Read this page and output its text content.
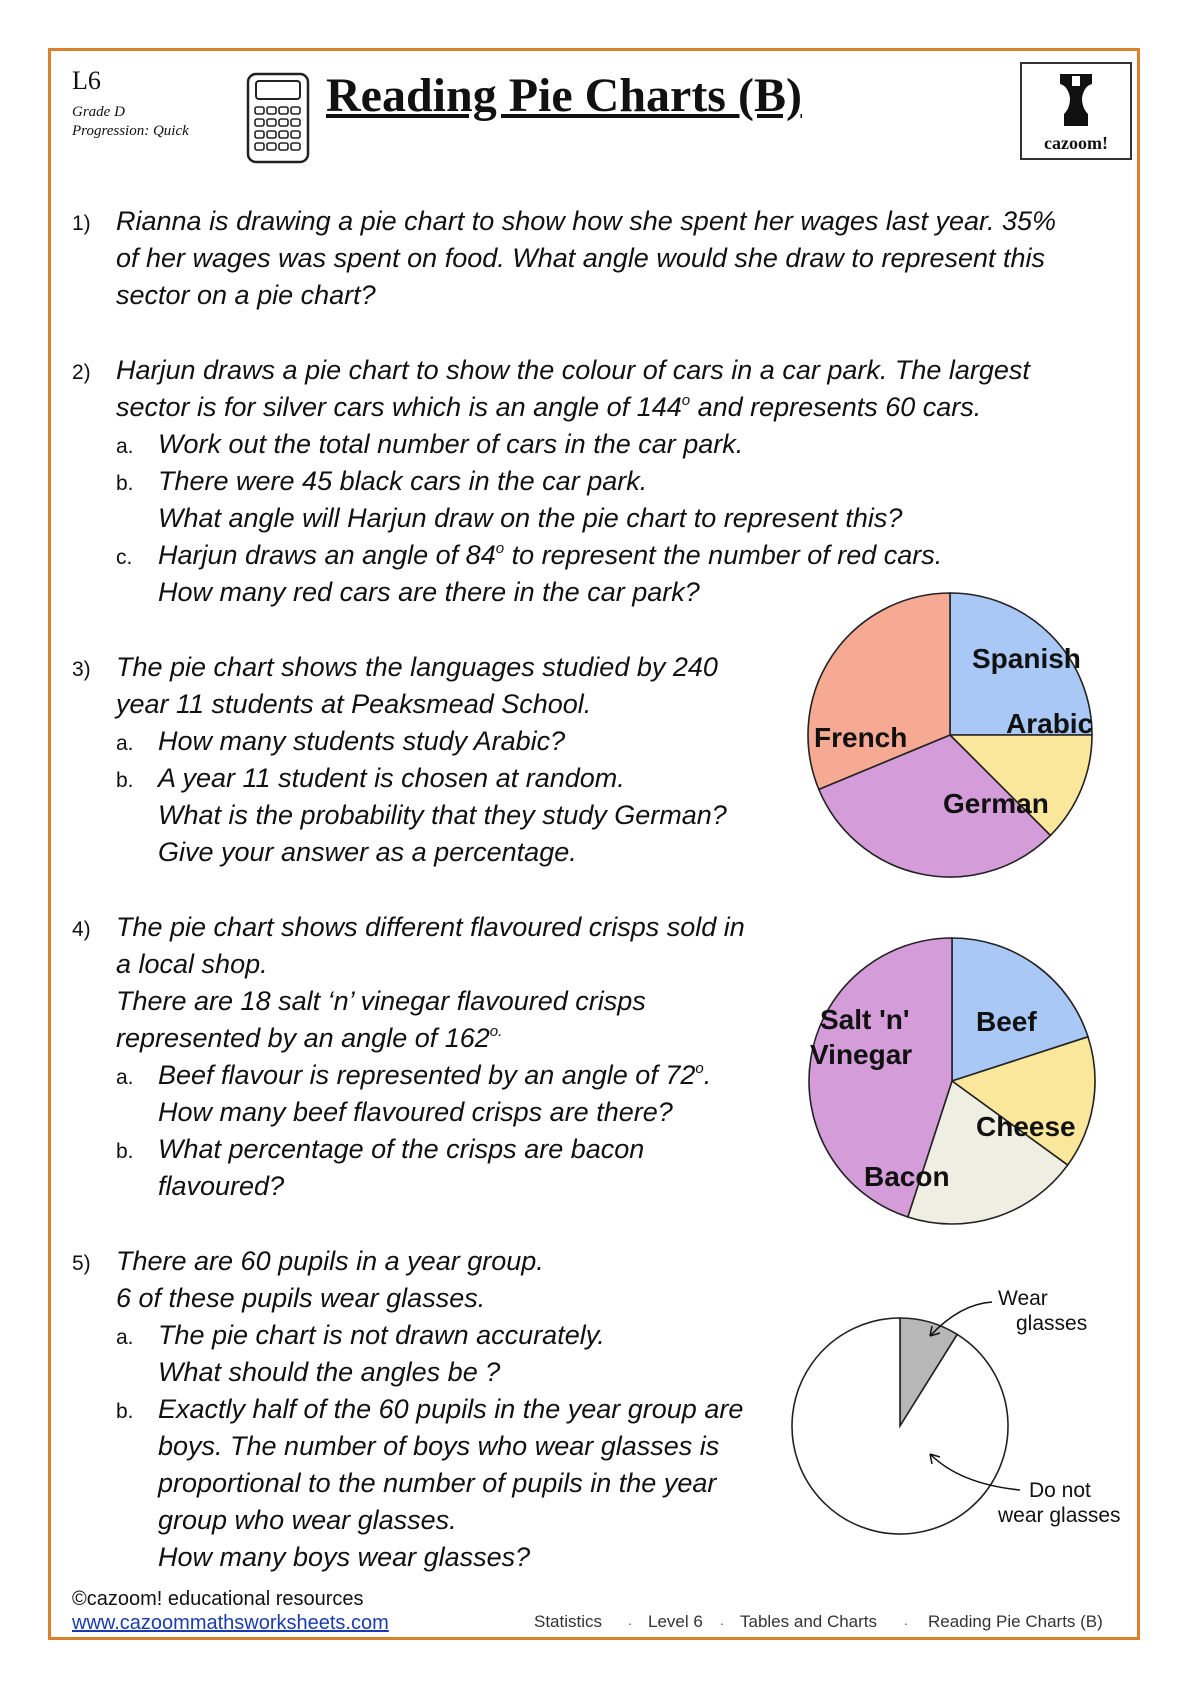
L6
Grade D
Progression: Quick
Reading Pie Charts (B)
cazoom!
1) Rianna is drawing a pie chart to show how she spent her wages last year. 35%
of her wages was spent on food. What angle would she draw to represent this
sector on a pie chart?
2) Harjun draws a pie chart to show the colour of cars in a car park. The largest
sector is for silver cars which is an angle of 144$^o$ and represents 60 cars.
a. Work out the total number of cars in the car park.
b. There were 45 black cars in the car park.
What angle will Harjun draw on the pie chart to represent this?
c. Harjun draws an angle of 84$^o$ to represent the number of red cars.
How many red cars are there in the car park?
3) The pie chart shows the languages studied by 240
year 11 students at Peaksmead School.
a. How many students study Arabic?
b. A year 11 student is chosen at random.
What is the probability that they study German?
Give your answer as a percentage.
4) The pie chart shows different flavoured crisps sold in
a local shop.
There are 18 salt ‘n’ vinegar flavoured crisps
represented by an angle of $162^{o.}$
a. Beef flavour is represented by an angle of 72$^o$.
How many beef flavoured crisps are there?
b. What percentage of the crisps are bacon
flavoured?
5) There are 60 pupils in a year group.
6 of these pupils wear glasses.
a. The pie chart is not drawn accurately.
What should the angles be ?
b. Exactly half of the 60 pupils in the year group are
boys. The number of boys who wear glasses is
proportional to the number of pupils in the year
group who wear glasses.
How many boys wear glasses?
Spanish
Arabic
German
French
Beef
Cheese
Bacon
Salt 'n'
Vinegar
Wear
glasses
Do not
wear glasses
©cazoom! educational resources
www.cazoommathsworksheets.com	Statistics . Level 6 . Tables and Charts . Reading Pie Charts (B)
